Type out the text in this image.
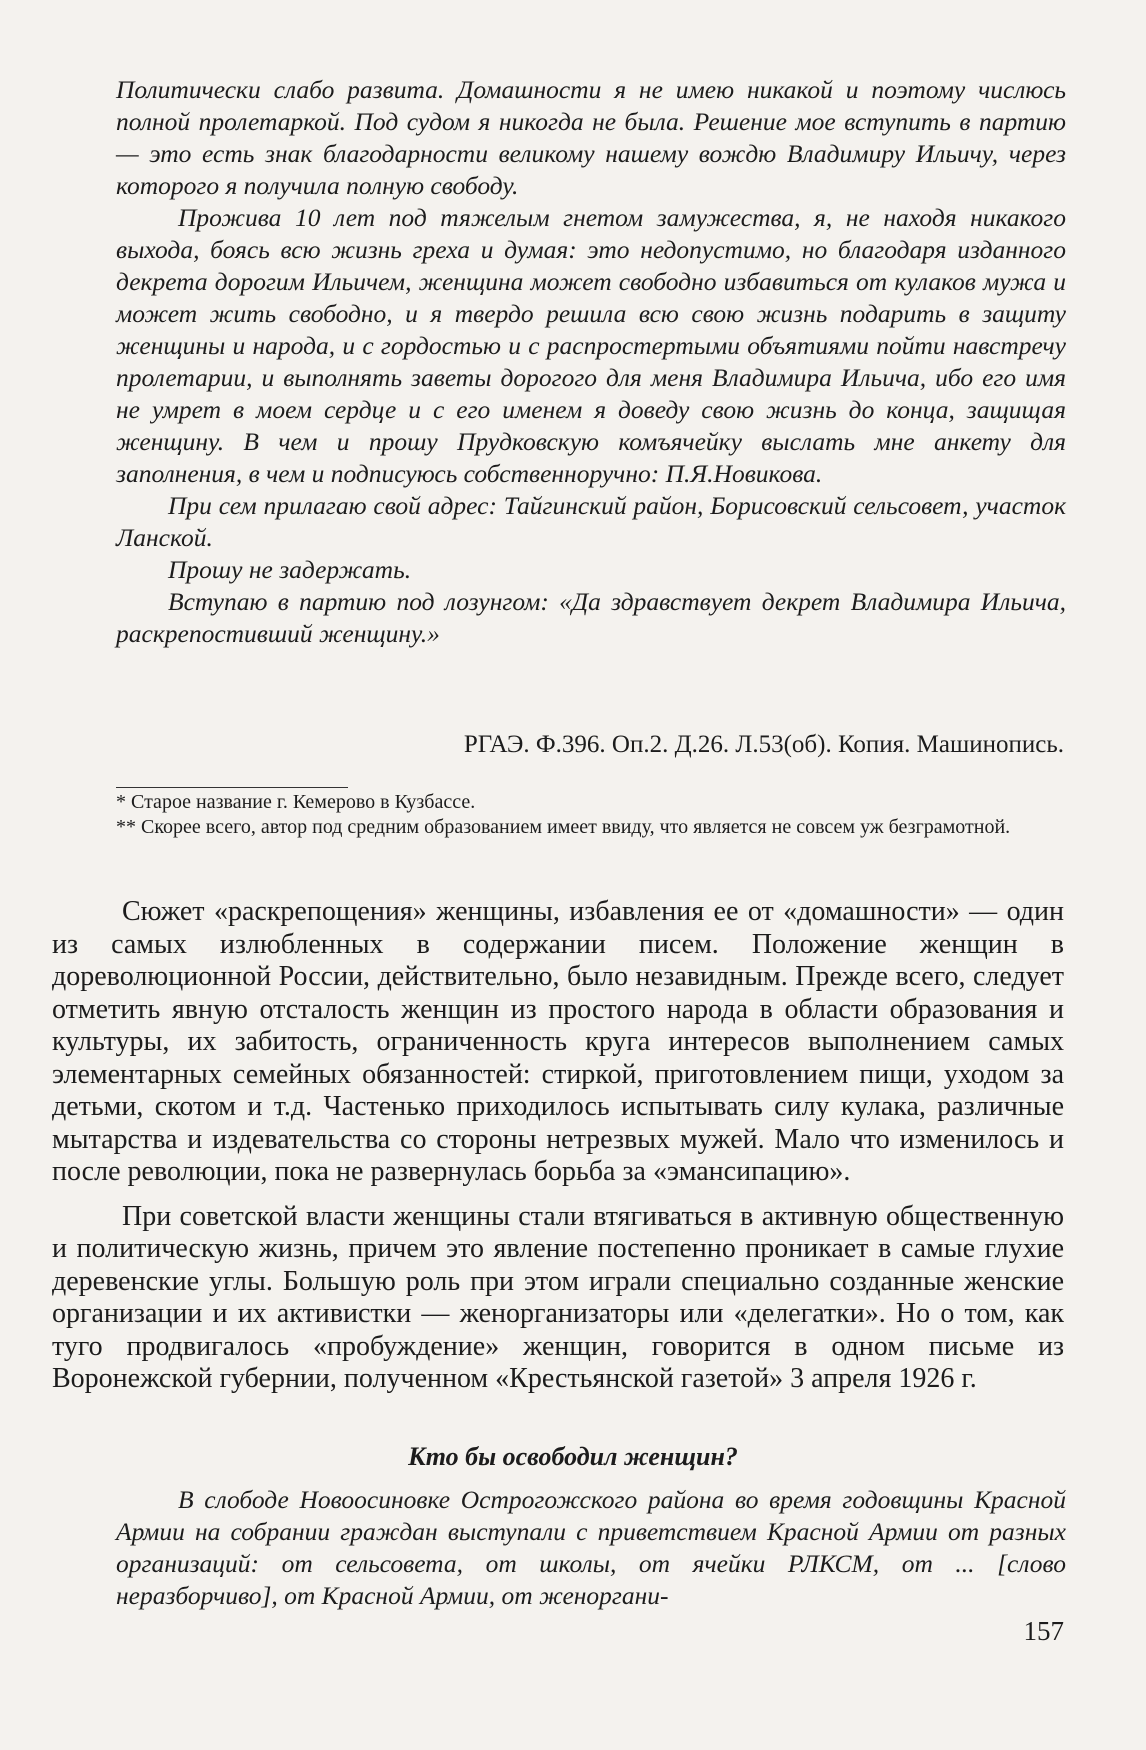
Политически слабо развита. Домашности я не имею никакой и поэтому числюсь полной пролетаркой. Под судом я никогда не была. Решение мое вступить в партию — это есть знак благодарности великому нашему вождю Владимиру Ильичу, через которого я получила полную свободу.

Прожива 10 лет под тяжелым гнетом замужества, я, не находя никакого выхода, боясь всю жизнь греха и думая: это недопустимо, но благодаря изданного декрета дорогим Ильичем, женщина может свободно избавиться от кулаков мужа и может жить свободно, и я твердо решила всю свою жизнь подарить в защиту женщины и народа, и с гордостью и с распростертыми объятиями пойти навстречу пролетарии, и выполнять заветы дорогого для меня Владимира Ильича, ибо его имя не умрет в моем сердце и с его именем я доведу свою жизнь до конца, защищая женщину. В чем и прошу Прудковскую комъячейку выслать мне анкету для заполнения, в чем и подписуюсь собственноручно: П.Я.Новикова.

При сем прилагаю свой адрес: Тайгинский район, Борисовский сельсовет, участок Ланской.

Прошу не задержать.

Вступаю в партию под лозунгом: «Да здравствует декрет Владимира Ильича, раскрепостивший женщину.»

РГАЭ. Ф.396. Оп.2. Д.26. Л.53(об). Копия. Машинопись.

* Старое название г. Кемерово в Кузбассе.

** Скорее всего, автор под средним образованием имеет ввиду, что является не совсем уж безграмотной.

Сюжет «раскрепощения» женщины, избавления ее от «домашности» — один из самых излюбленных в содержании писем. Положение женщин в дореволюционной России, действительно, было незавидным. Прежде всего, следует отметить явную отсталость женщин из простого народа в области образования и культуры, их забитость, ограниченность круга интересов выполнением самых элементарных семейных обязанностей: стиркой, приготовлением пищи, уходом за детьми, скотом и т.д. Частенько приходилось испытывать силу кулака, различные мытарства и издевательства со стороны нетрезвых мужей. Мало что изменилось и после революции, пока не развернулась борьба за «эмансипацию».

При советской власти женщины стали втягиваться в активную общественную и политическую жизнь, причем это явление постепенно проникает в самые глухие деревенские углы. Большую роль при этом играли специально созданные женские организации и их активистки — женорганизаторы или «делегатки». Но о том, как туго продвигалось «пробуждение» женщин, говорится в одном письме из Воронежской губернии, полученном «Крестьянской газетой» 3 апреля 1926 г.

Кто бы освободил женщин?

В слободе Новоосиновке Острогожского района во время годовщины Красной Армии на собрании граждан выступали с приветствием Красной Армии от разных организаций: от сельсовета, от школы, от ячейки РЛКСМ, от ... [слово неразборчиво], от Красной Армии, от женоргани-

157
